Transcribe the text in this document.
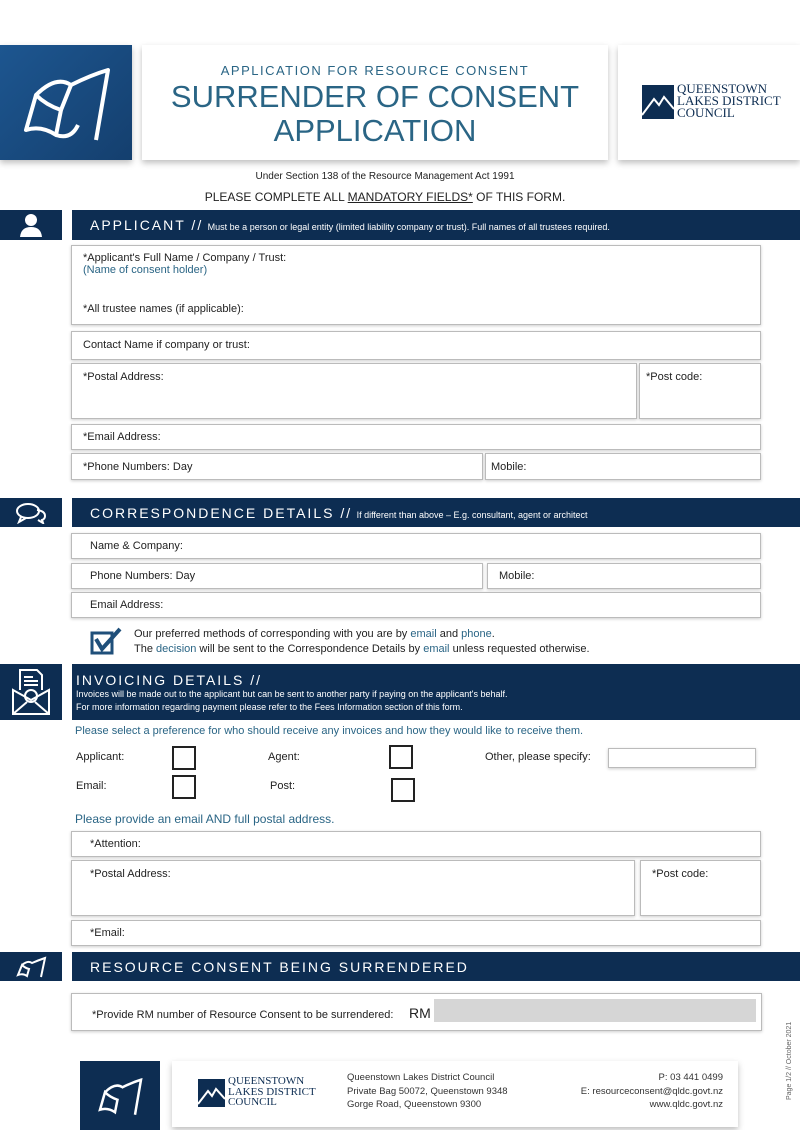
APPLICATION FOR RESOURCE CONSENT
SURRENDER OF CONSENT
APPLICATION
QUEENSTOWN
LAKES DISTRICT
COUNCIL
Under Section 138 of the Resource Management Act 1991
PLEASE COMPLETE ALL MANDATORY FIELDS* OF THIS FORM.
APPLICANT // Must be a person or legal entity (limited liability company or trust). Full names of all trustees required.
*Applicant's Full Name / Company / Trust:
(Name of consent holder)
*All trustee names (if applicable):
Contact Name if company or trust:
*Postal Address:	*Post code:
*Email Address:
*Phone Numbers: Day	Mobile:
CORRESPONDENCE DETAILS // If different than above – E.g. consultant, agent or architect
Name & Company:
Phone Numbers: Day	Mobile:
Email Address:
Our preferred methods of corresponding with you are by email and phone.
The decision will be sent to the Correspondence Details by email unless requested otherwise.
INVOICING DETAILS //
Invoices will be made out to the applicant but can be sent to another party if paying on the applicant's behalf.
For more information regarding payment please refer to the Fees Information section of this form.
Please select a preference for who should receive any invoices and how they would like to receive them.
Applicant:	Agent:	Other, please specify:
Email:	Post:
Please provide an email AND full postal address.
*Attention:
*Postal Address:	*Post code:
*Email:
RESOURCE CONSENT BEING SURRENDERED
*Provide RM number of Resource Consent to be surrendered: RM
QUEENSTOWN
LAKES DISTRICT
COUNCIL
Queenstown Lakes District Council
Private Bag 50072, Queenstown 9348
Gorge Road, Queenstown 9300
P: 03 441 0499
E: resourceconsent@qldc.govt.nz
www.qldc.govt.nz
Page 1/2 // October 2021
